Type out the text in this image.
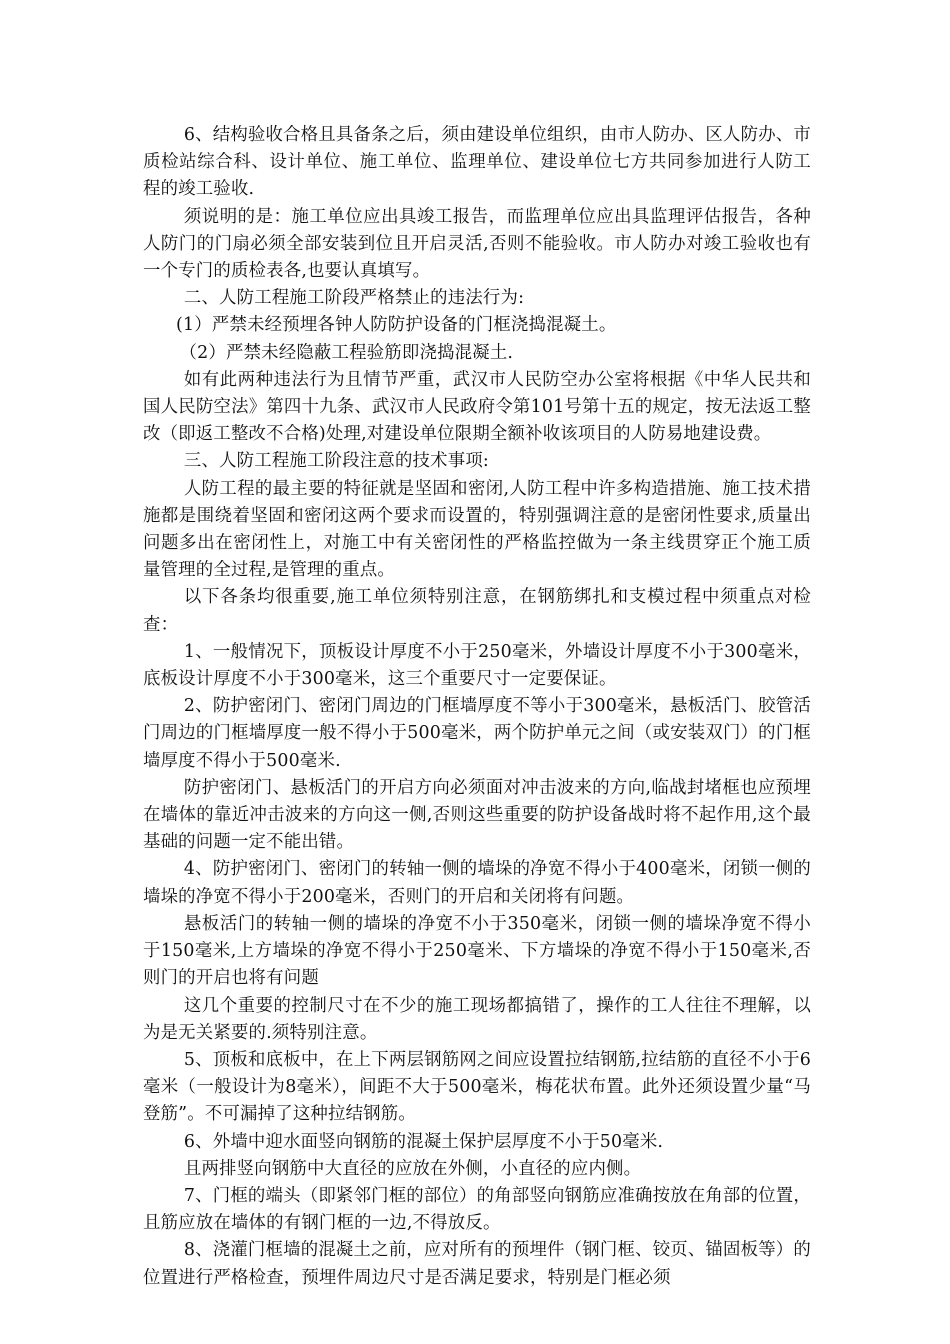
6、结构验收合格且具备条之后，须由建设单位组织，由市人防办、区人防办、市质检站综合科、设计单位、施工单位、监理单位、建设单位七方共同参加进行人防工程的竣工验收.

须说明的是：施工单位应出具竣工报告，而监理单位应出具监理评估报告，各种人防门的门扇必须全部安装到位且开启灵活,否则不能验收。市人防办对竣工验收也有一个专门的质检表各,也要认真填写。

二、人防工程施工阶段严格禁止的违法行为:

(1）严禁未经预埋各钟人防防护设备的门框浇捣混凝土。

（2）严禁未经隐蔽工程验筋即浇捣混凝土.

如有此两种违法行为且情节严重，武汉市人民防空办公室将根据《中华人民共和国人民防空法》第四十九条、武汉市人民政府令第101号第十五的规定，按无法返工整改（即返工整改不合格)处理,对建设单位限期全额补收该项目的人防易地建设费。

三、人防工程施工阶段注意的技术事项:

人防工程的最主要的特征就是坚固和密闭,人防工程中许多构造措施、施工技术措施都是围绕着坚固和密闭这两个要求而设置的，特别强调注意的是密闭性要求,质量出问题多出在密闭性上，对施工中有关密闭性的严格监控做为一条主线贯穿正个施工质量管理的全过程,是管理的重点。

以下各条均很重要,施工单位须特别注意，在钢筋绑扎和支模过程中须重点对检查：

1、一般情况下，顶板设计厚度不小于250毫米，外墙设计厚度不小于300毫米，底板设计厚度不小于300毫米，这三个重要尺寸一定要保证。

2、防护密闭门、密闭门周边的门框墙厚度不等小于300毫米，悬板活门、胶管活门周边的门框墙厚度一般不得小于500毫米，两个防护单元之间（或安装双门）的门框墙厚度不得小于500毫米.

防护密闭门、悬板活门的开启方向必须面对冲击波来的方向,临战封堵框也应预埋在墙体的靠近冲击波来的方向这一侧,否则这些重要的防护设备战时将不起作用,这个最基础的问题一定不能出错。

4、防护密闭门、密闭门的转轴一侧的墙垛的净宽不得小于400毫米，闭锁一侧的墙垛的净宽不得小于200毫米，否则门的开启和关闭将有问题。

悬板活门的转轴一侧的墙垛的净宽不小于350毫米，闭锁一侧的墙垛净宽不得小于150毫米,上方墙垛的净宽不得小于250毫米、下方墙垛的净宽不得小于150毫米,否则门的开启也将有问题

这几个重要的控制尺寸在不少的施工现场都搞错了，操作的工人往往不理解，以为是无关紧要的.须特别注意。

5、顶板和底板中，在上下两层钢筋网之间应设置拉结钢筋,拉结筋的直径不小于6毫米（一般设计为8毫米），间距不大于500毫米，梅花状布置。此外还须设置少量“马登筋”。不可漏掉了这种拉结钢筋。

6、外墙中迎水面竖向钢筋的混凝土保护层厚度不小于50毫米.

且两排竖向钢筋中大直径的应放在外侧，小直径的应内侧。

7、门框的端头（即紧邻门框的部位）的角部竖向钢筋应准确按放在角部的位置，且筋应放在墙体的有钢门框的一边,不得放反。

8、浇灌门框墙的混凝土之前，应对所有的预埋件（钢门框、铰页、锚固板等）的位置进行严格检查，预埋件周边尺寸是否满足要求，特别是门框必须
